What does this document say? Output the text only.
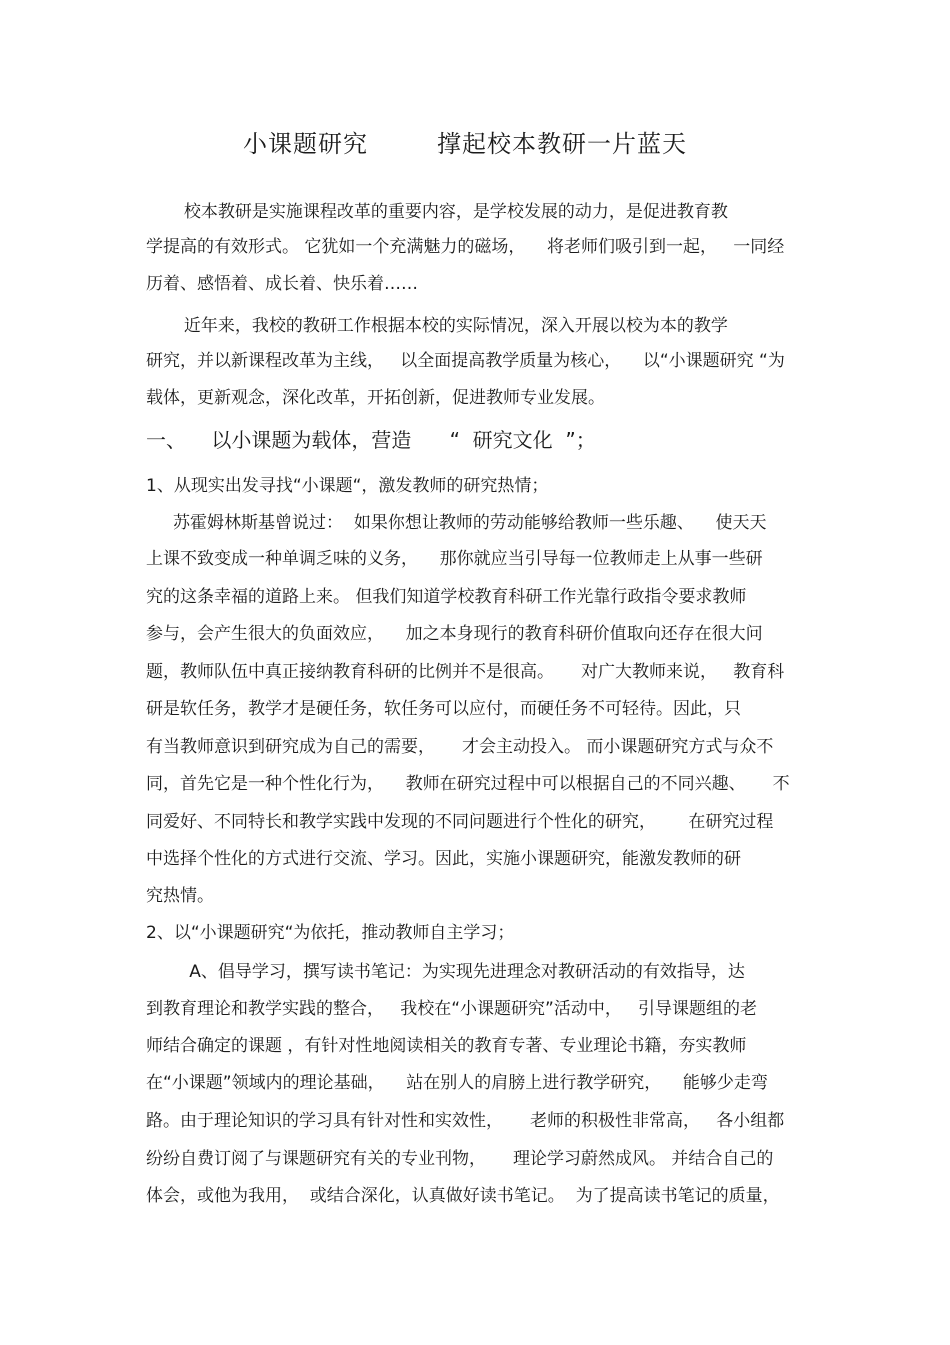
小课题研究        撑起校本教研一片蓝天
校本教研是实施课程改革的重要内容，是学校发展的动力，是促进教育教
学提高的有效形式。 它犹如一个充满魅力的磁场，    将老师们吸引到一起，   一同经
历着、感悟着、成长着、快乐着……
近年来，我校的教研工作根据本校的实际情况，深入开展以校为本的教学
研究，并以新课程改革为主线，   以全面提高教学质量为核心，    以“小课题研究 “为
载体，更新观念，深化改革，开拓创新，促进教师专业发展。
一、    以小课题为载体，营造      “  研究文化  ”；
1、从现实出发寻找“小课题“，激发教师的研究热情；
苏霍姆林斯基曾说过：  如果你想让教师的劳动能够给教师一些乐趣、    使天天
上课不致变成一种单调乏味的义务，    那你就应当引导每一位教师走上从事一些研
究的这条幸福的道路上来。 但我们知道学校教育科研工作光靠行政指令要求教师
参与，会产生很大的负面效应，    加之本身现行的教育科研价值取向还存在很大问
题，教师队伍中真正接纳教育科研的比例并不是很高。     对广大教师来说，   教育科
研是软任务，教学才是硬任务，软任务可以应付，而硬任务不可轻待。因此，只
有当教师意识到研究成为自己的需要，     才会主动投入。 而小课题研究方式与众不
同，首先它是一种个性化行为，    教师在研究过程中可以根据自己的不同兴趣、     不
同爱好、不同特长和教学实践中发现的不同问题进行个性化的研究，      在研究过程
中选择个性化的方式进行交流、学习。因此，实施小课题研究，能激发教师的研
究热情。
2、以“小课题研究“为依托，推动教师自主学习；
A、倡导学习，撰写读书笔记：为实现先进理念对教研活动的有效指导，达
到教育理论和教学实践的整合，   我校在“小课题研究”活动中，   引导课题组的老
师结合确定的课题 ，有针对性地阅读相关的教育专著、专业理论书籍，夯实教师
在“小课题”领域内的理论基础，    站在别人的肩膀上进行教学研究，    能够少走弯
路。由于理论知识的学习具有针对性和实效性，     老师的积极性非常高，   各小组都
纷纷自费订阅了与课题研究有关的专业刊物，     理论学习蔚然成风。 并结合自己的
体会，或他为我用，  或结合深化，认真做好读书笔记。  为了提高读书笔记的质量，
